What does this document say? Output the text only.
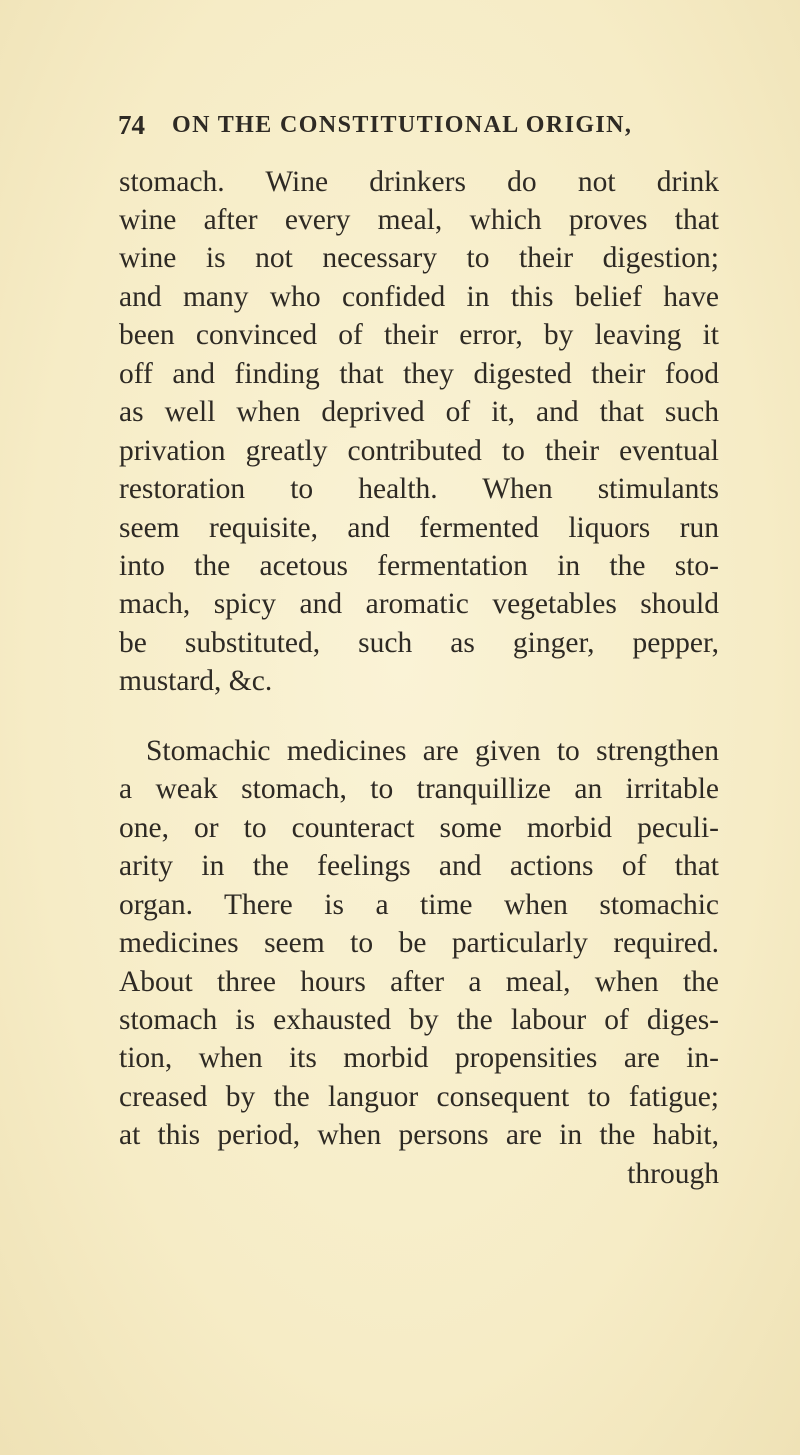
74 ON THE CONSTITUTIONAL ORIGIN,
stomach. Wine drinkers do not drink
wine after every meal, which proves that
wine is not necessary to their digestion;
and many who confided in this belief have
been convinced of their error, by leaving it
off and finding that they digested their food
as well when deprived of it, and that such
privation greatly contributed to their eventual
restoration to health. When stimulants
seem requisite, and fermented liquors run
into the acetous fermentation in the sto-
mach, spicy and aromatic vegetables should
be substituted, such as ginger, pepper,
mustard, &c.
Stomachic medicines are given to strengthen
a weak stomach, to tranquillize an irritable
one, or to counteract some morbid peculi-
arity in the feelings and actions of that
organ. There is a time when stomachic
medicines seem to be particularly required.
About three hours after a meal, when the
stomach is exhausted by the labour of diges-
tion, when its morbid propensities are in-
creased by the languor consequent to fatigue;
at this period, when persons are in the habit,
through
